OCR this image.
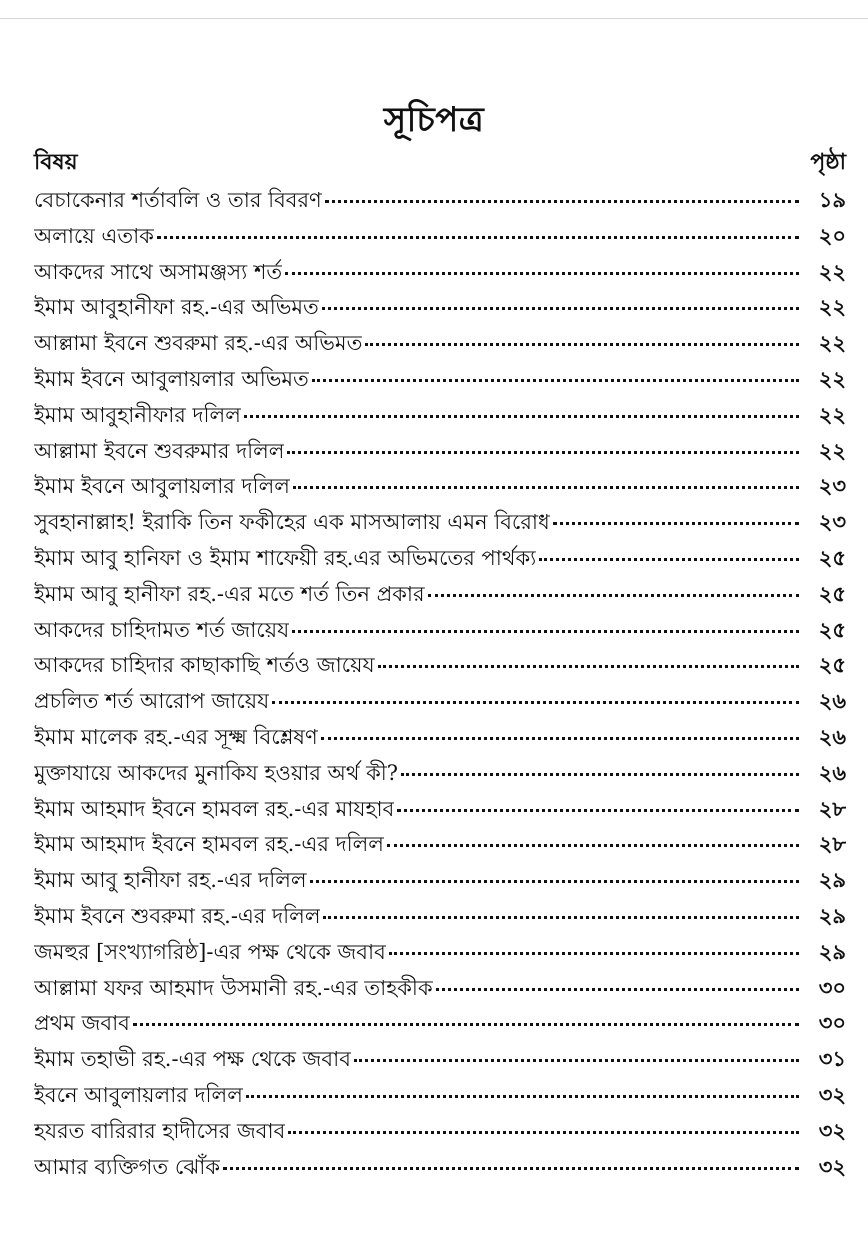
সূচিপত্র
বিষয়	পৃষ্ঠা
বেচাকেনার শর্তাবলি ও তার বিবরণ	১৯
অলায়ে এতাক	২০
আকদের সাথে অসামঞ্জস্য শর্ত	২২
ইমাম আবুহানীফা রহ.-এর অভিমত	২২
আল্লামা ইবনে শুবরুমা রহ.-এর অভিমত	২২
ইমাম ইবনে আবুলায়লার অভিমত	২২
ইমাম আবুহানীফার দলিল	২২
আল্লামা ইবনে শুবরুমার দলিল	২২
ইমাম ইবনে আবুলায়লার দলিল	২৩
সুবহানাল্লাহ! ইরাকি তিন ফকীহের এক মাসআলায় এমন বিরোধ	২৩
ইমাম আবু হানিফা ও ইমাম শাফেয়ী রহ.এর অভিমতের পার্থক্য	২৫
ইমাম আবু হানীফা রহ.-এর মতে শর্ত তিন প্রকার	২৫
আকদের চাহিদামত শর্ত জায়েয	২৫
আকদের চাহিদার কাছাকাছি শর্তও জায়েয	২৫
প্রচলিত শর্ত আরোপ জায়েয	২৬
ইমাম মালেক রহ.-এর সূক্ষ্ম বিশ্লেষণ	২৬
মুক্তাযায়ে আকদের মুনাকিয হওয়ার অর্থ কী?	২৬
ইমাম আহমাদ ইবনে হামবল রহ.-এর মাযহাব	২৮
ইমাম আহমাদ ইবনে হামবল রহ.-এর দলিল	২৮
ইমাম আবু হানীফা রহ.-এর দলিল	২৯
ইমাম ইবনে শুবরুমা রহ.-এর দলিল	২৯
জমহুর [সংখ্যাগরিষ্ঠ]-এর পক্ষ থেকে জবাব	২৯
আল্লামা যফর আহমাদ উসমানী রহ.-এর তাহকীক	৩০
প্রথম জবাব	৩০
ইমাম তহাভী রহ.-এর পক্ষ থেকে জবাব	৩১
ইবনে আবুলায়লার দলিল	৩২
হযরত বারিরার হাদীসের জবাব	৩২
আমার ব্যক্তিগত ঝোঁক	৩২
